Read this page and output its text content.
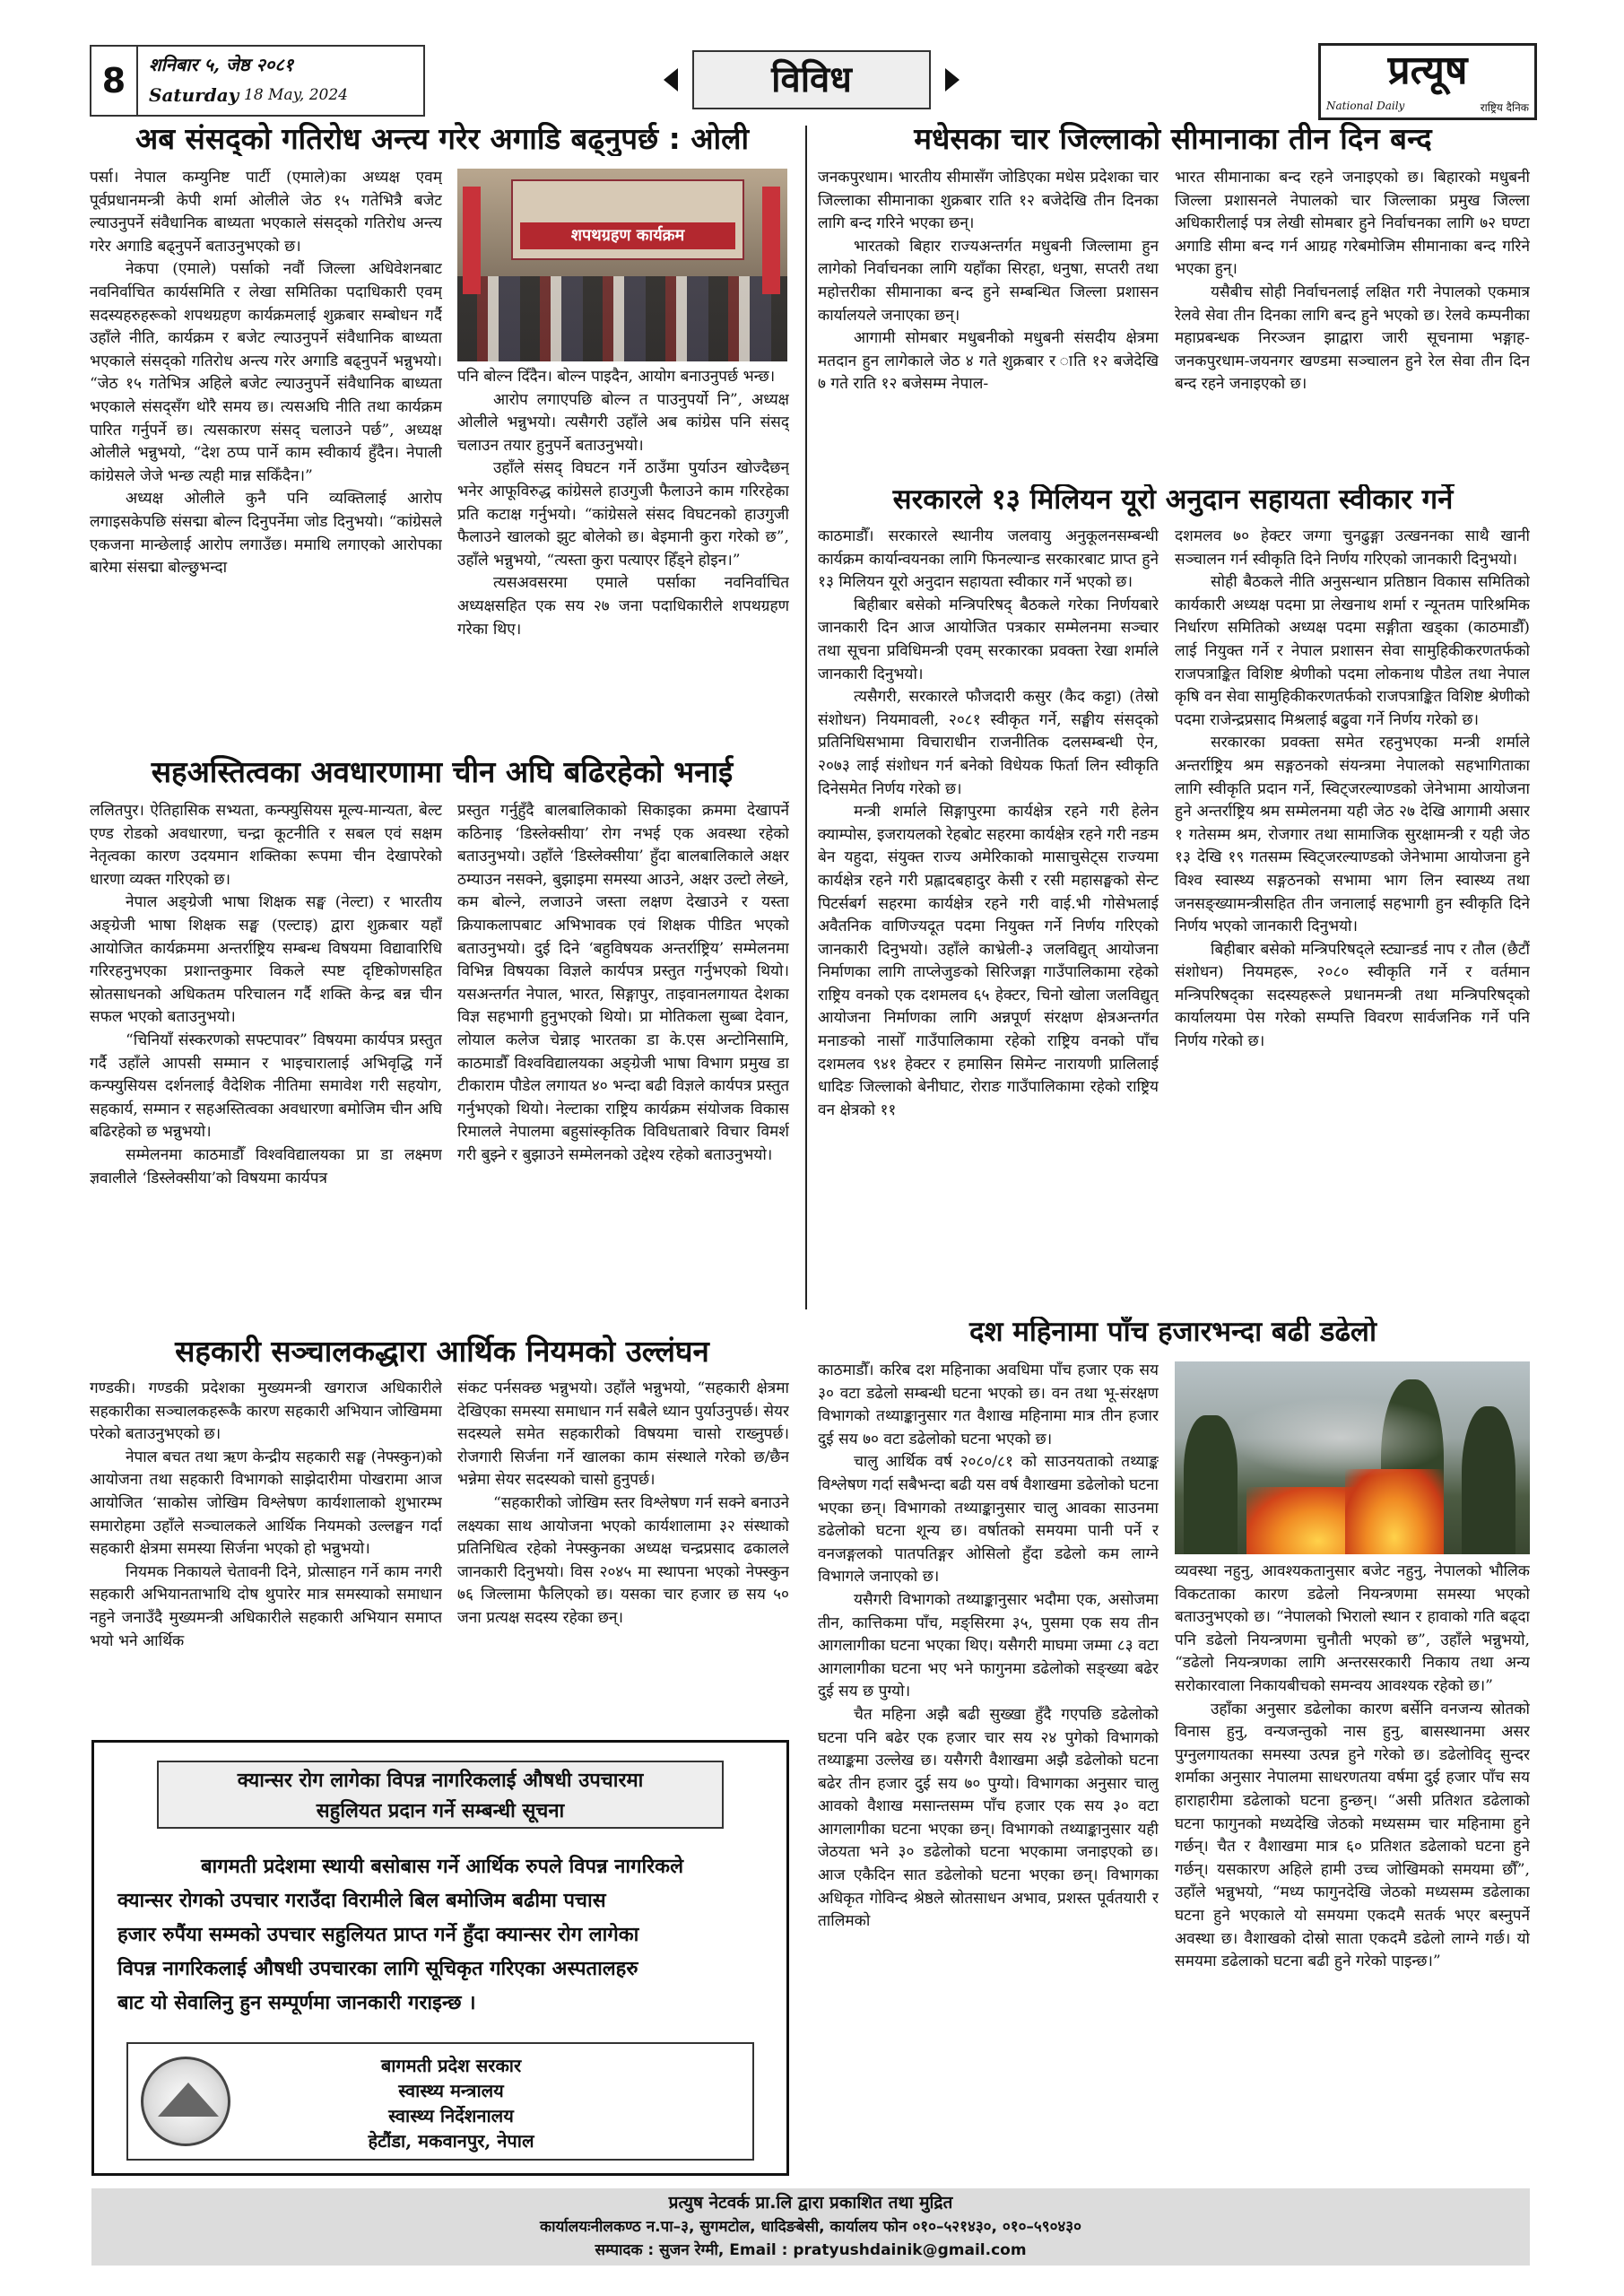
8	शनिबार ५, जेष्ठ २०८१
Saturday 18 May, 2024	विविध	प्रत्यूष
National Daily	राष्ट्रिय दैनिक
अब संसद्को गतिरोध अन्त्य गरेर अगाडि बढ्नुपर्छ : ओली

पर्सा। नेपाल कम्युनिष्ट पार्टी (एमाले)का अध्यक्ष एवम् पूर्वप्रधानमन्त्री केपी शर्मा ओलीले जेठ १५ गतेभित्रै बजेट ल्याउनुपर्ने संवैधानिक बाध्यता भएकाले संसद्को गतिरोध अन्त्य गरेर अगाडि बढ्नुपर्ने बताउनुभएको छ।

नेकपा (एमाले) पर्साको नवौं जिल्ला अधिवेशनबाट नवनिर्वाचित कार्यसमिति र लेखा समितिका पदाधिकारी एवम् सदस्यहरुहरूको शपथग्रहण कार्यक्रमलाई शुक्रबार सम्बोधन गर्दै उहाँले नीति, कार्यक्रम र बजेट ल्याउनुपर्ने संवैधानिक बाध्यता भएकाले संसद्को गतिरोध अन्त्य गरेर अगाडि बढ्नुपर्ने भन्नुभयो। “जेठ १५ गतेभित्र अहिले बजेट ल्याउनुपर्ने संवैधानिक बाध्यता भएकाले संसद्सँग थोरै समय छ। त्यसअघि नीति तथा कार्यक्रम पारित गर्नुपर्ने छ। त्यसकारण संसद् चलाउने पर्छ”, अध्यक्ष ओलीले भन्नुभयो, “देश ठप्प पार्ने काम स्वीकार्य हुँदैन। नेपाली कांग्रेसले जेजे भन्छ त्यही मान्न सकिँदैन।”

अध्यक्ष ओलीले कुनै पनि व्यक्तिलाई आरोप लगाइसकेपछि संसद्मा बोल्न दिनुपर्नेमा जोड दिनुभयो। “कांग्रेसले एकजना मान्छेलाई आरोप लगाउँछ। ममाथि लगाएको आरोपका बारेमा संसद्मा बोल्छुभन्दा

शपथग्रहण कार्यक्रम

पनि बोल्न दिँदैन। बोल्न पाइदैन, आयोग बनाउनुपर्छ भन्छ।

आरोप लगाएपछि बोल्न त पाउनुपर्यो नि”, अध्यक्ष ओलीले भन्नुभयो। त्यसैगरी उहाँले अब कांग्रेस पनि संसद् चलाउन तयार हुनुपर्ने बताउनुभयो।

उहाँले संसद् विघटन गर्ने ठाउँमा पुर्याउन खोज्दैछन् भनेर आफूविरुद्ध कांग्रेसले हाउगुजी फैलाउने काम गरिरहेका प्रति कटाक्ष गर्नुभयो। “कांग्रेसले संसद विघटनको हाउगुजी फैलाउने खालको झुट बोलेको छ। बेइमानी कुरा गरेको छ”, उहाँले भन्नुभयो, “त्यस्ता कुरा पत्याएर हिँड्ने होइन।”

त्यसअवसरमा एमाले पर्साका नवनिर्वाचित अध्यक्षसहित एक सय २७ जना पदाधिकारीले शपथग्रहण गरेका थिए।

मधेसका चार जिल्लाको सीमानाका तीन दिन बन्द

जनकपुरधाम। भारतीय सीमासँग जोडिएका मधेस प्रदेशका चार जिल्लाका सीमानाका शुक्रबार राति १२ बजेदेखि तीन दिनका लागि बन्द गरिने भएका छन्।

भारतको बिहार राज्यअन्तर्गत मधुबनी जिल्लामा हुन लागेको निर्वाचनका लागि यहाँका सिरहा, धनुषा, सप्तरी तथा महोत्तरीका सीमानाका बन्द हुने सम्बन्धित जिल्ला प्रशासन कार्यालयले जनाएका छन्।

आगामी सोमबार मधुबनीको मधुबनी संसदीय क्षेत्रमा मतदान हुन लागेकाले जेठ ४ गते शुक्रबार र ाति १२ बजेदेखि ७ गते राति १२ बजेसम्म नेपाल-

भारत सीमानाका बन्द रहने जनाइएको छ। बिहारको मधुबनी जिल्ला प्रशासनले नेपालको चार जिल्लाका प्रमुख जिल्ला अधिकारीलाई पत्र लेखी सोमबार हुने निर्वाचनका लागि ७२ घण्टा अगाडि सीमा बन्द गर्न आग्रह गरेबमोजिम सीमानाका बन्द गरिने भएका हुन्।

यसैबीच सोही निर्वाचनलाई लक्षित गरी नेपालको एकमात्र रेलवे सेवा तीन दिनका लागि बन्द हुने भएको छ। रेलवे कम्पनीका महाप्रबन्धक निरञ्जन झाद्वारा जारी सूचनामा भङ्गाह-जनकपुरधाम-जयनगर खण्डमा सञ्चालन हुने रेल सेवा तीन दिन बन्द रहने जनाइएको छ।

सरकारले १३ मिलियन यूरो अनुदान सहायता स्वीकार गर्ने

काठमाडौँ। सरकारले स्थानीय जलवायु अनुकूलनसम्बन्धी कार्यक्रम कार्यान्वयनका लागि फिनल्यान्ड सरकारबाट प्राप्त हुने १३ मिलियन यूरो अनुदान सहायता स्वीकार गर्ने भएको छ।

बिहीबार बसेको मन्त्रिपरिषद् बैठकले गरेका निर्णयबारे जानकारी दिन आज आयोजित पत्रकार सम्मेलनमा सञ्चार तथा सूचना प्रविधिमन्त्री एवम् सरकारका प्रवक्ता रेखा शर्माले जानकारी दिनुभयो।

त्यसैगरी, सरकारले फौजदारी कसुर (कैद कट्टा) (तेस्रो संशोधन) नियमावली, २०८१ स्वीकृत गर्ने, सङ्घीय संसद्को प्रतिनिधिसभामा विचाराधीन राजनीतिक दलसम्बन्धी ऐन, २०७३ लाई संशोधन गर्न बनेको विधेयक फिर्ता लिन स्वीकृति दिनेसमेत निर्णय गरेको छ।

मन्त्री शर्माले सिङ्गापुरमा कार्यक्षेत्र रहने गरी हेलेन क्याम्पोस, इजरायलको रेहबोट सहरमा कार्यक्षेत्र रहने गरी नङम बेन यहुदा, संयुक्त राज्य अमेरिकाको मासाचुसेट्स राज्यमा कार्यक्षेत्र रहने गरी प्रह्लादबहादुर केसी र रसी महासङ्घको सेन्ट पिटर्सबर्ग सहरमा कार्यक्षेत्र रहने गरी वाई.भी गोसेभलाई अवैतनिक वाणिज्यदूत पदमा नियुक्त गर्ने निर्णय गरिएको जानकारी दिनुभयो। उहाँले काभ्रेली-३ जलविद्युत् आयोजना निर्माणका लागि ताप्लेजुङको सिरिजङ्गा गाउँपालिकामा रहेको राष्ट्रिय वनको एक दशमलव ६५ हेक्टर, चिनो खोला जलविद्युत् आयोजना निर्माणका लागि अन्नपूर्ण संरक्षण क्षेत्रअन्तर्गत मनाङको नासोँ गाउँपालिकामा रहेको राष्ट्रिय वनको पाँच दशमलव ९४१ हेक्टर र हमासिन सिमेन्ट नारायणी प्रालिलाई धादिङ जिल्लाको बेनीघाट, रोराङ गाउँपालिकामा रहेको राष्ट्रिय वन क्षेत्रको ११

दशमलव ७० हेक्टर जग्गा चुनढुङ्गा उत्खननका साथै खानी सञ्चालन गर्न स्वीकृति दिने निर्णय गरिएको जानकारी दिनुभयो।

सोही बैठकले नीति अनुसन्धान प्रतिष्ठान विकास समितिको कार्यकारी अध्यक्ष पदमा प्रा लेखनाथ शर्मा र न्यूनतम पारिश्रमिक निर्धारण समितिको अध्यक्ष पदमा सङ्गीता खड्का (काठमाडौँ) लाई नियुक्त गर्ने र नेपाल प्रशासन सेवा सामुहिकीकरणतर्फको राजपत्राङ्कित विशिष्ट श्रेणीको पदमा लोकनाथ पौडेल तथा नेपाल कृषि वन सेवा सामुहिकीकरणतर्फको राजपत्राङ्कित विशिष्ट श्रेणीको पदमा राजेन्द्रप्रसाद मिश्रलाई बढुवा गर्ने निर्णय गरेको छ।

सरकारका प्रवक्ता समेत रहनुभएका मन्त्री शर्माले अन्तर्राष्ट्रिय श्रम सङ्गठनको संयन्त्रमा नेपालको सहभागिताका लागि स्वीकृति प्रदान गर्ने, स्विट्जरल्याण्डको जेनेभामा आयोजना हुने अन्तर्राष्ट्रिय श्रम सम्मेलनमा यही जेठ २७ देखि आगामी असार १ गतेसम्म श्रम, रोजगार तथा सामाजिक सुरक्षामन्त्री र यही जेठ १३ देखि १९ गतसम्म स्विट्जरल्याण्डको जेनेभामा आयोजना हुने विश्व स्वास्थ्य सङ्गठनको सभामा भाग लिन स्वास्थ्य तथा जनसङ्ख्यामन्त्रीसहित तीन जनालाई सहभागी हुन स्वीकृति दिने निर्णय भएको जानकारी दिनुभयो।

बिहीबार बसेको मन्त्रिपरिषद्ले स्ट्यान्डर्ड नाप र तौल (छैटौं संशोधन) नियमहरू, २०८० स्वीकृति गर्ने र वर्तमान मन्त्रिपरिषद्का सदस्यहरूले प्रधानमन्त्री तथा मन्त्रिपरिषद्को कार्यालयमा पेस गरेको सम्पत्ति विवरण सार्वजनिक गर्ने पनि निर्णय गरेको छ।

सहअस्तित्वका अवधारणामा चीन अघि बढिरहेको भनाई

ललितपुर। ऐतिहासिक सभ्यता, कन्फ्युसियस मूल्य-मान्यता, बेल्ट एण्ड रोडको अवधारणा, चन्द्रा कूटनीति र सबल एवं सक्षम नेतृत्वका कारण उदयमान शक्तिका रूपमा चीन देखापरेको धारणा व्यक्त गरिएको छ।

नेपाल अङ्ग्रेजी भाषा शिक्षक सङ्घ (नेल्टा) र भारतीय अङ्ग्रेजी भाषा शिक्षक सङ्घ (एल्टाइ) द्वारा शुक्रबार यहाँ आयोजित कार्यक्रममा अन्तर्राष्ट्रिय सम्बन्ध विषयमा विद्यावारिधि गरिरहनुभएका प्रशान्तकुमार विकले स्पष्ट दृष्टिकोणसहित स्रोतसाधनको अधिकतम परिचालन गर्दै शक्ति केन्द्र बन्न चीन सफल भएको बताउनुभयो।

“चिनियाँ संस्करणको सफ्टपावर” विषयमा कार्यपत्र प्रस्तुत गर्दै उहाँले आपसी सम्मान र भाइचारालाई अभिवृद्धि गर्ने कन्फ्युसियस दर्शनलाई वैदेशिक नीतिमा समावेश गरी सहयोग, सहकार्य, सम्मान र सहअस्तित्वका अवधारणा बमोजिम चीन अघि बढिरहेको छ भन्नुभयो।

सम्मेलनमा काठमाडौँ विश्वविद्यालयका प्रा डा लक्ष्मण ज्ञवालीले ‘डिस्लेक्सीया’को विषयमा कार्यपत्र

प्रस्तुत गर्नुहुँदै बालबालिकाको सिकाइका क्रममा देखापर्ने कठिनाइ ‘डिस्लेक्सीया’ रोग नभई एक अवस्था रहेको बताउनुभयो। उहाँले ‘डिस्लेक्सीया’ हुँदा बालबालिकाले अक्षर ठम्याउन नसक्ने, बुझाइमा समस्या आउने, अक्षर उल्टो लेख्ने, कम बोल्ने, लजाउने जस्ता लक्षण देखाउने र यस्ता क्रियाकलापबाट अभिभावक एवं शिक्षक पीडित भएको बताउनुभयो। दुई दिने ‘बहुविषयक अन्तर्राष्ट्रिय’ सम्मेलनमा विभिन्न विषयका विज्ञले कार्यपत्र प्रस्तुत गर्नुभएको थियो। यसअन्तर्गत नेपाल, भारत, सिङ्गापुर, ताइवानलगायत देशका विज्ञ सहभागी हुनुभएको थियो। प्रा मोतिकला सुब्बा देवान, लोयाल कलेज चेन्नाइ भारतका डा के.एस अन्टोनिसामि, काठमाडौँ विश्वविद्यालयका अङ्ग्रेजी भाषा विभाग प्रमुख डा टीकाराम पौडेल लगायत ४० भन्दा बढी विज्ञले कार्यपत्र प्रस्तुत गर्नुभएको थियो। नेल्टाका राष्ट्रिय कार्यक्रम संयोजक विकास रिमालले नेपालमा बहुसांस्कृतिक विविधताबारे विचार विमर्श गरी बुझ्ने र बुझाउने सम्मेलनको उद्देश्य रहेको बताउनुभयो।

सहकारी सञ्चालकद्धारा आर्थिक नियमको उल्लंघन

गण्डकी। गण्डकी प्रदेशका मुख्यमन्त्री खगराज अधिकारीले सहकारीका सञ्चालकहरूकै कारण सहकारी अभियान जोखिममा परेको बताउनुभएको छ।

नेपाल बचत तथा ऋण केन्द्रीय सहकारी सङ्घ (नेफ्स्कुन)को आयोजना तथा सहकारी विभागको साझेदारीमा पोखरामा आज आयोजित ‘साकोस जोखिम विश्लेषण कार्यशालाको शुभारम्भ समारोहमा उहाँले सञ्चालकले आर्थिक नियमको उल्लङ्घन गर्दा सहकारी क्षेत्रमा समस्या सिर्जना भएको हो भन्नुभयो।

नियमक निकायले चेतावनी दिने, प्रोत्साहन गर्ने काम नगरी सहकारी अभियानताभाथि दोष थुपारेर मात्र समस्याको समाधान नहुने जनाउँदै मुख्यमन्त्री अधिकारीले सहकारी अभियान समाप्त भयो भने आर्थिक

संकट पर्नसक्छ भन्नुभयो। उहाँले भन्नुभयो, “सहकारी क्षेत्रमा देखिएका समस्या समाधान गर्न सबैले ध्यान पुर्याउनुपर्छ। सेयर सदस्यले समेत सहकारीको विषयमा चासो राख्नुपर्छ। रोजगारी सिर्जना गर्ने खालका काम संस्थाले गरेको छ/छैन भन्नेमा सेयर सदस्यको चासो हुनुपर्छ।

“सहकारीको जोखिम स्तर विश्लेषण गर्न सक्ने बनाउने लक्ष्यका साथ आयोजना भएको कार्यशालामा ३२ संस्थाको प्रतिनिधित्व रहेको नेफ्स्कुनका अध्यक्ष चन्द्रप्रसाद ढकालले जानकारी दिनुभयो। विस २०४५ मा स्थापना भएको नेफ्स्कुन ७६ जिल्लामा फैलिएको छ। यसका चार हजार छ सय ५० जना प्रत्यक्ष सदस्य रहेका छन्।

दश महिनामा पाँच हजारभन्दा बढी डढेलो

काठमाडौँ। करिब दश महिनाका अवधिमा पाँच हजार एक सय ३० वटा डढेलो सम्बन्धी घटना भएको छ। वन तथा भू-संरक्षण विभागको तथ्याङ्कानुसार गत वैशाख महिनामा मात्र तीन हजार दुई सय ७० वटा डढेलोको घटना भएको छ।

चालु आर्थिक वर्ष २०८०/८१ को साउनयताको तथ्याङ्क विश्लेषण गर्दा सबैभन्दा बढी यस वर्ष वैशाखमा डढेलोको घटना भएका छन्। विभागको तथ्याङ्कानुसार चालु आवका साउनमा डढेलोको घटना शून्य छ। वर्षातको समयमा पानी पर्ने र वनजङ्गलको पातपतिङ्गर ओसिलो हुँदा डढेलो कम लाग्ने विभागले जनाएको छ।

यसैगरी विभागको तथ्याङ्कानुसार भदौमा एक, असोजमा तीन, कात्तिकमा पाँच, मङ्सिरमा ३५, पुसमा एक सय तीन आगलागीका घटना भएका थिए। यसैगरी माघमा जम्मा ८३ वटा आगलागीका घटना भए भने फागुनमा डढेलोको सङ्ख्या बढेर दुई सय छ पुग्यो।

चैत महिना अझै बढी सुख्खा हुँदै गएपछि डढेलोको घटना पनि बढेर एक हजार चार सय २४ पुगेको विभागको तथ्याङ्कमा उल्लेख छ। यसैगरी वैशाखमा अझै डढेलोको घटना बढेर तीन हजार दुई सय ७० पुग्यो। विभागका अनुसार चालु आवको वैशाख मसान्तसम्म पाँच हजार एक सय ३० वटा आगलागीका घटना भएका छन्। विभागको तथ्याङ्कानुसार यही जेठयता भने ३० डढेलोको घटना भएकामा जनाइएको छ। आज एकैदिन सात डढेलोको घटना भएका छन्। विभागका अधिकृत गोविन्द श्रेष्ठले स्रोतसाधन अभाव, प्रशस्त पूर्वतयारी र तालिमको

व्यवस्था नहुनु, आवश्यकतानुसार बजेट नहुनु, नेपालको भौलिक विकटताका कारण डढेलो नियन्त्रणमा समस्या भएको बताउनुभएको छ। “नेपालको भिरालो स्थान र हावाको गति बढ्दा पनि डढेलो नियन्त्रणमा चुनौती भएको छ”, उहाँले भन्नुभयो, “डढेलो नियन्त्रणका लागि अन्तरसरकारी निकाय तथा अन्य सरोकारवाला निकायबीचको समन्वय आवश्यक रहेको छ।”

उहाँका अनुसार डढेलोका कारण बर्सेनि वनजन्य स्रोतको विनास हुनु, वन्यजन्तुको नास हुनु, बासस्थानमा असर पुग्नुलगायतका समस्या उत्पन्न हुने गरेको छ। डढेलोविद् सुन्दर शर्माका अनुसार नेपालमा साधरणतया वर्षमा दुई हजार पाँच सय हाराहारीमा डढेलाको घटना हुन्छन्। “असी प्रतिशत डढेलाको घटना फागुनको मध्यदेखि जेठको मध्यसम्म चार महिनामा हुने गर्छन्। चैत र वैशाखमा मात्र ६० प्रतिशत डढेलाको घटना हुने गर्छन्। यसकारण अहिले हामी उच्च जोखिमको समयमा छौँ”, उहाँले भन्नुभयो, “मध्य फागुनदेखि जेठको मध्यसम्म डढेलाका घटना हुने भएकाले यो समयमा एकदमै सतर्क भएर बस्नुपर्ने अवस्था छ। वैशाखको दोस्रो साता एकदमै डढेलो लाग्ने गर्छ। यो समयमा डढेलाको घटना बढी हुने गरेको पाइन्छ।”

क्यान्सर रोग लागेका विपन्न नागरिकलाई औषधी उपचारमा
सहुलियत प्रदान गर्ने सम्बन्धी सूचना
बागमती प्रदेशमा स्थायी बसोबास गर्ने आर्थिक रुपले विपन्न नागरिकले
क्यान्सर रोगको उपचार गराउँदा विरामीले बिल बमोजिम बढीमा पचास
हजार रुपैंया सम्मको उपचार सहुलियत प्राप्त गर्ने हुँदा क्यान्सर रोग लागेका
विपन्न नागरिकलाई औषधी उपचारका लागि सूचिकृत गरिएका अस्पतालहरु
बाट यो सेवालिनु हुन सम्पूर्णमा जानकारी गराइन्छ ।
बागमती प्रदेश सरकार
स्वास्थ्य मन्त्रालय
स्वास्थ्य निर्देशनालय
हेटौंडा, मकवानपुर, नेपाल
प्रत्युष नेटवर्क प्रा.लि द्वारा प्रकाशित तथा मुद्रित
कार्यालयःनीलकण्ठ न.पा–३, सुगमटोल, धादिङबेसी, कार्यालय फोन ०१०–५२१४३०, ०१०–५९०४३०
सम्पादक : सुजन रेग्मी, Email : pratyushdainik@gmail.com
